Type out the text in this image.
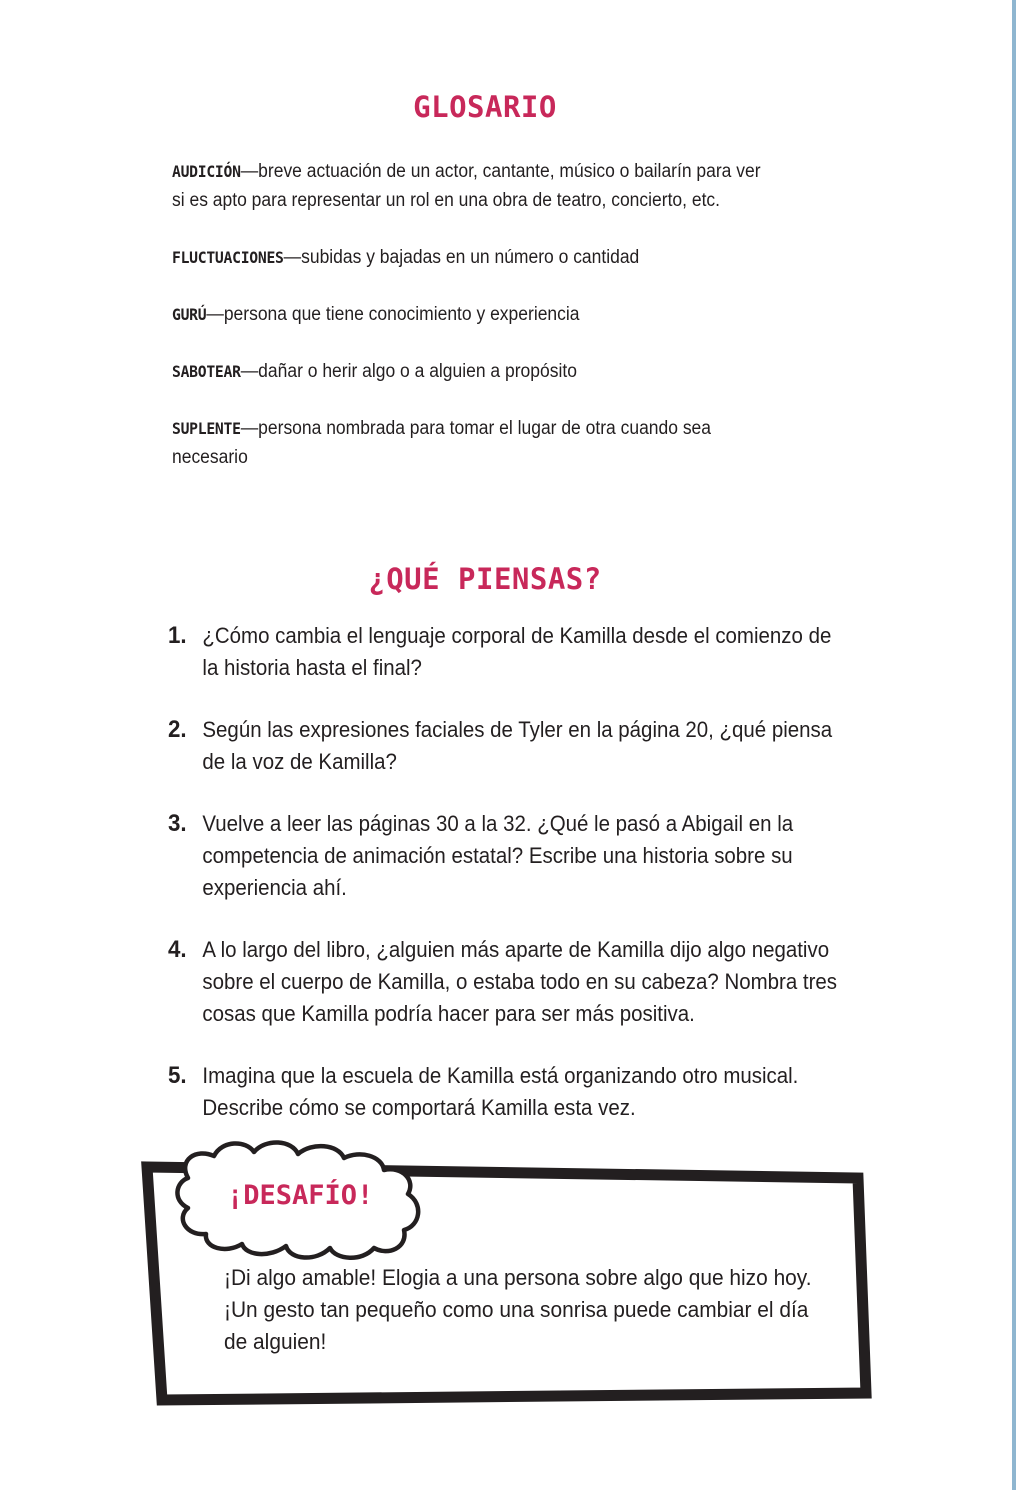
GLOSARIO
AUDICIÓN—breve actuación de un actor, cantante, músico o bailarín para ver si es apto para representar un rol en una obra de teatro, concierto, etc.
FLUCTUACIONES—subidas y bajadas en un número o cantidad
GURÚ—persona que tiene conocimiento y experiencia
SABOTEAR—dañar o herir algo o a alguien a propósito
SUPLENTE—persona nombrada para tomar el lugar de otra cuando sea necesario
¿QUÉ PIENSAS?
1. ¿Cómo cambia el lenguaje corporal de Kamilla desde el comienzo de la historia hasta el final?
2. Según las expresiones faciales de Tyler en la página 20, ¿qué piensa de la voz de Kamilla?
3. Vuelve a leer las páginas 30 a la 32. ¿Qué le pasó a Abigail en la competencia de animación estatal? Escribe una historia sobre su experiencia ahí.
4. A lo largo del libro, ¿alguien más aparte de Kamilla dijo algo negativo sobre el cuerpo de Kamilla, o estaba todo en su cabeza? Nombra tres cosas que Kamilla podría hacer para ser más positiva.
5. Imagina que la escuela de Kamilla está organizando otro musical. Describe cómo se comportará Kamilla esta vez.
¡DESAFÍO!
¡Di algo amable! Elogia a una persona sobre algo que hizo hoy. ¡Un gesto tan pequeño como una sonrisa puede cambiar el día de alguien!
